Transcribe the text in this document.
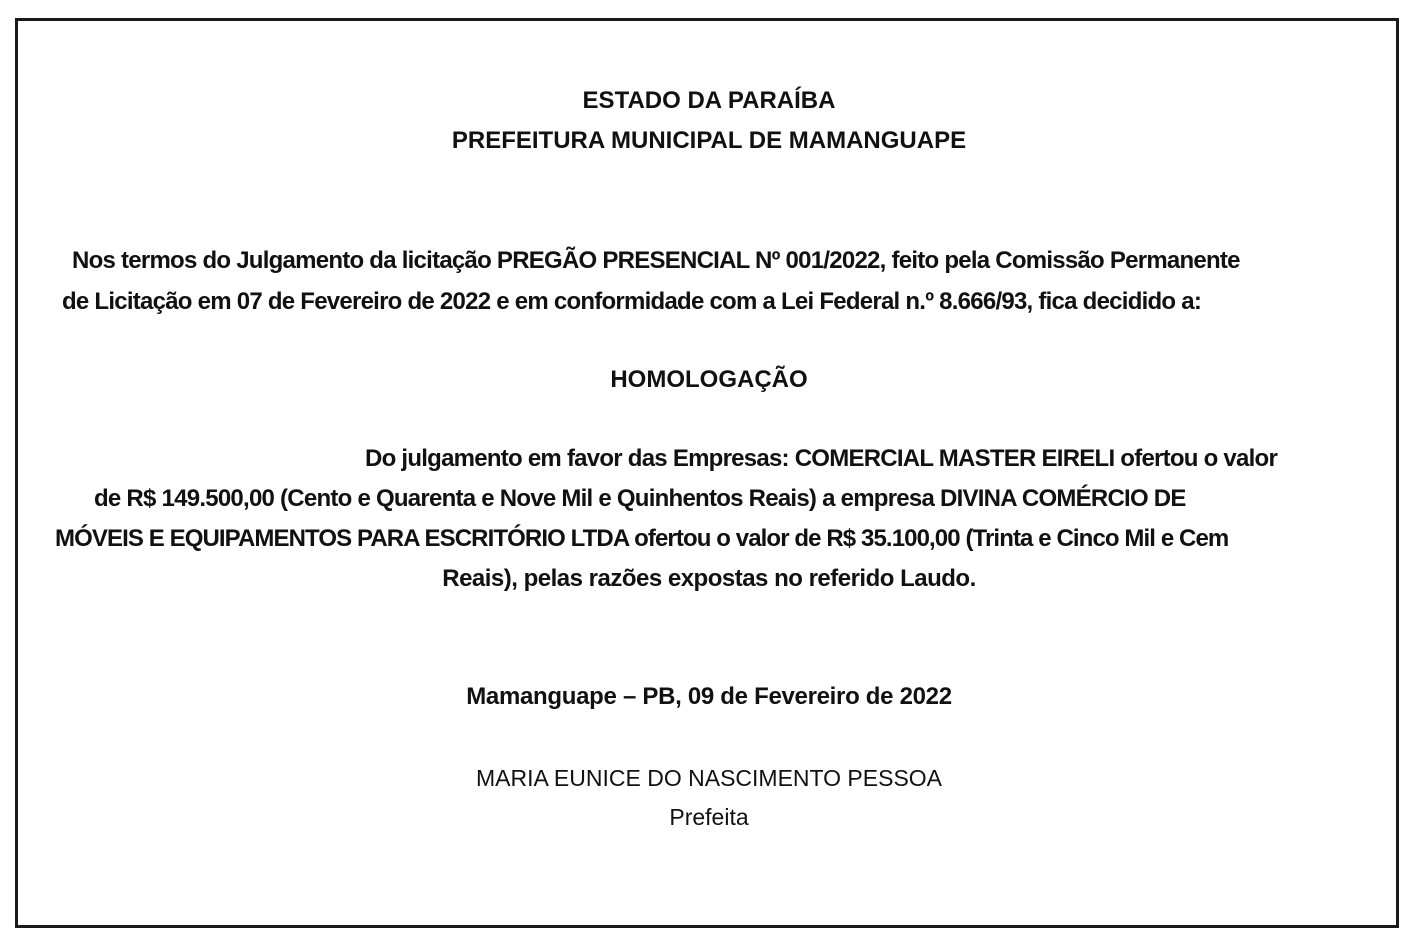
ESTADO DA PARAÍBA
PREFEITURA MUNICIPAL DE MAMANGUAPE
Nos termos do Julgamento da licitação PREGÃO PRESENCIAL Nº 001/2022, feito pela Comissão Permanente
de Licitação em 07 de Fevereiro de 2022 e em conformidade com a Lei Federal n.º 8.666/93, fica decidido a:
HOMOLOGAÇÃO
Do julgamento em favor das Empresas: COMERCIAL MASTER EIRELI ofertou o valor
de R$ 149.500,00 (Cento e Quarenta e Nove Mil e Quinhentos Reais) a empresa DIVINA COMÉRCIO DE
MÓVEIS E EQUIPAMENTOS PARA ESCRITÓRIO LTDA ofertou o valor de R$ 35.100,00 (Trinta e Cinco Mil e Cem
Reais), pelas razões expostas no referido Laudo.
Mamanguape – PB, 09 de Fevereiro de 2022
MARIA EUNICE DO NASCIMENTO PESSOA
Prefeita
